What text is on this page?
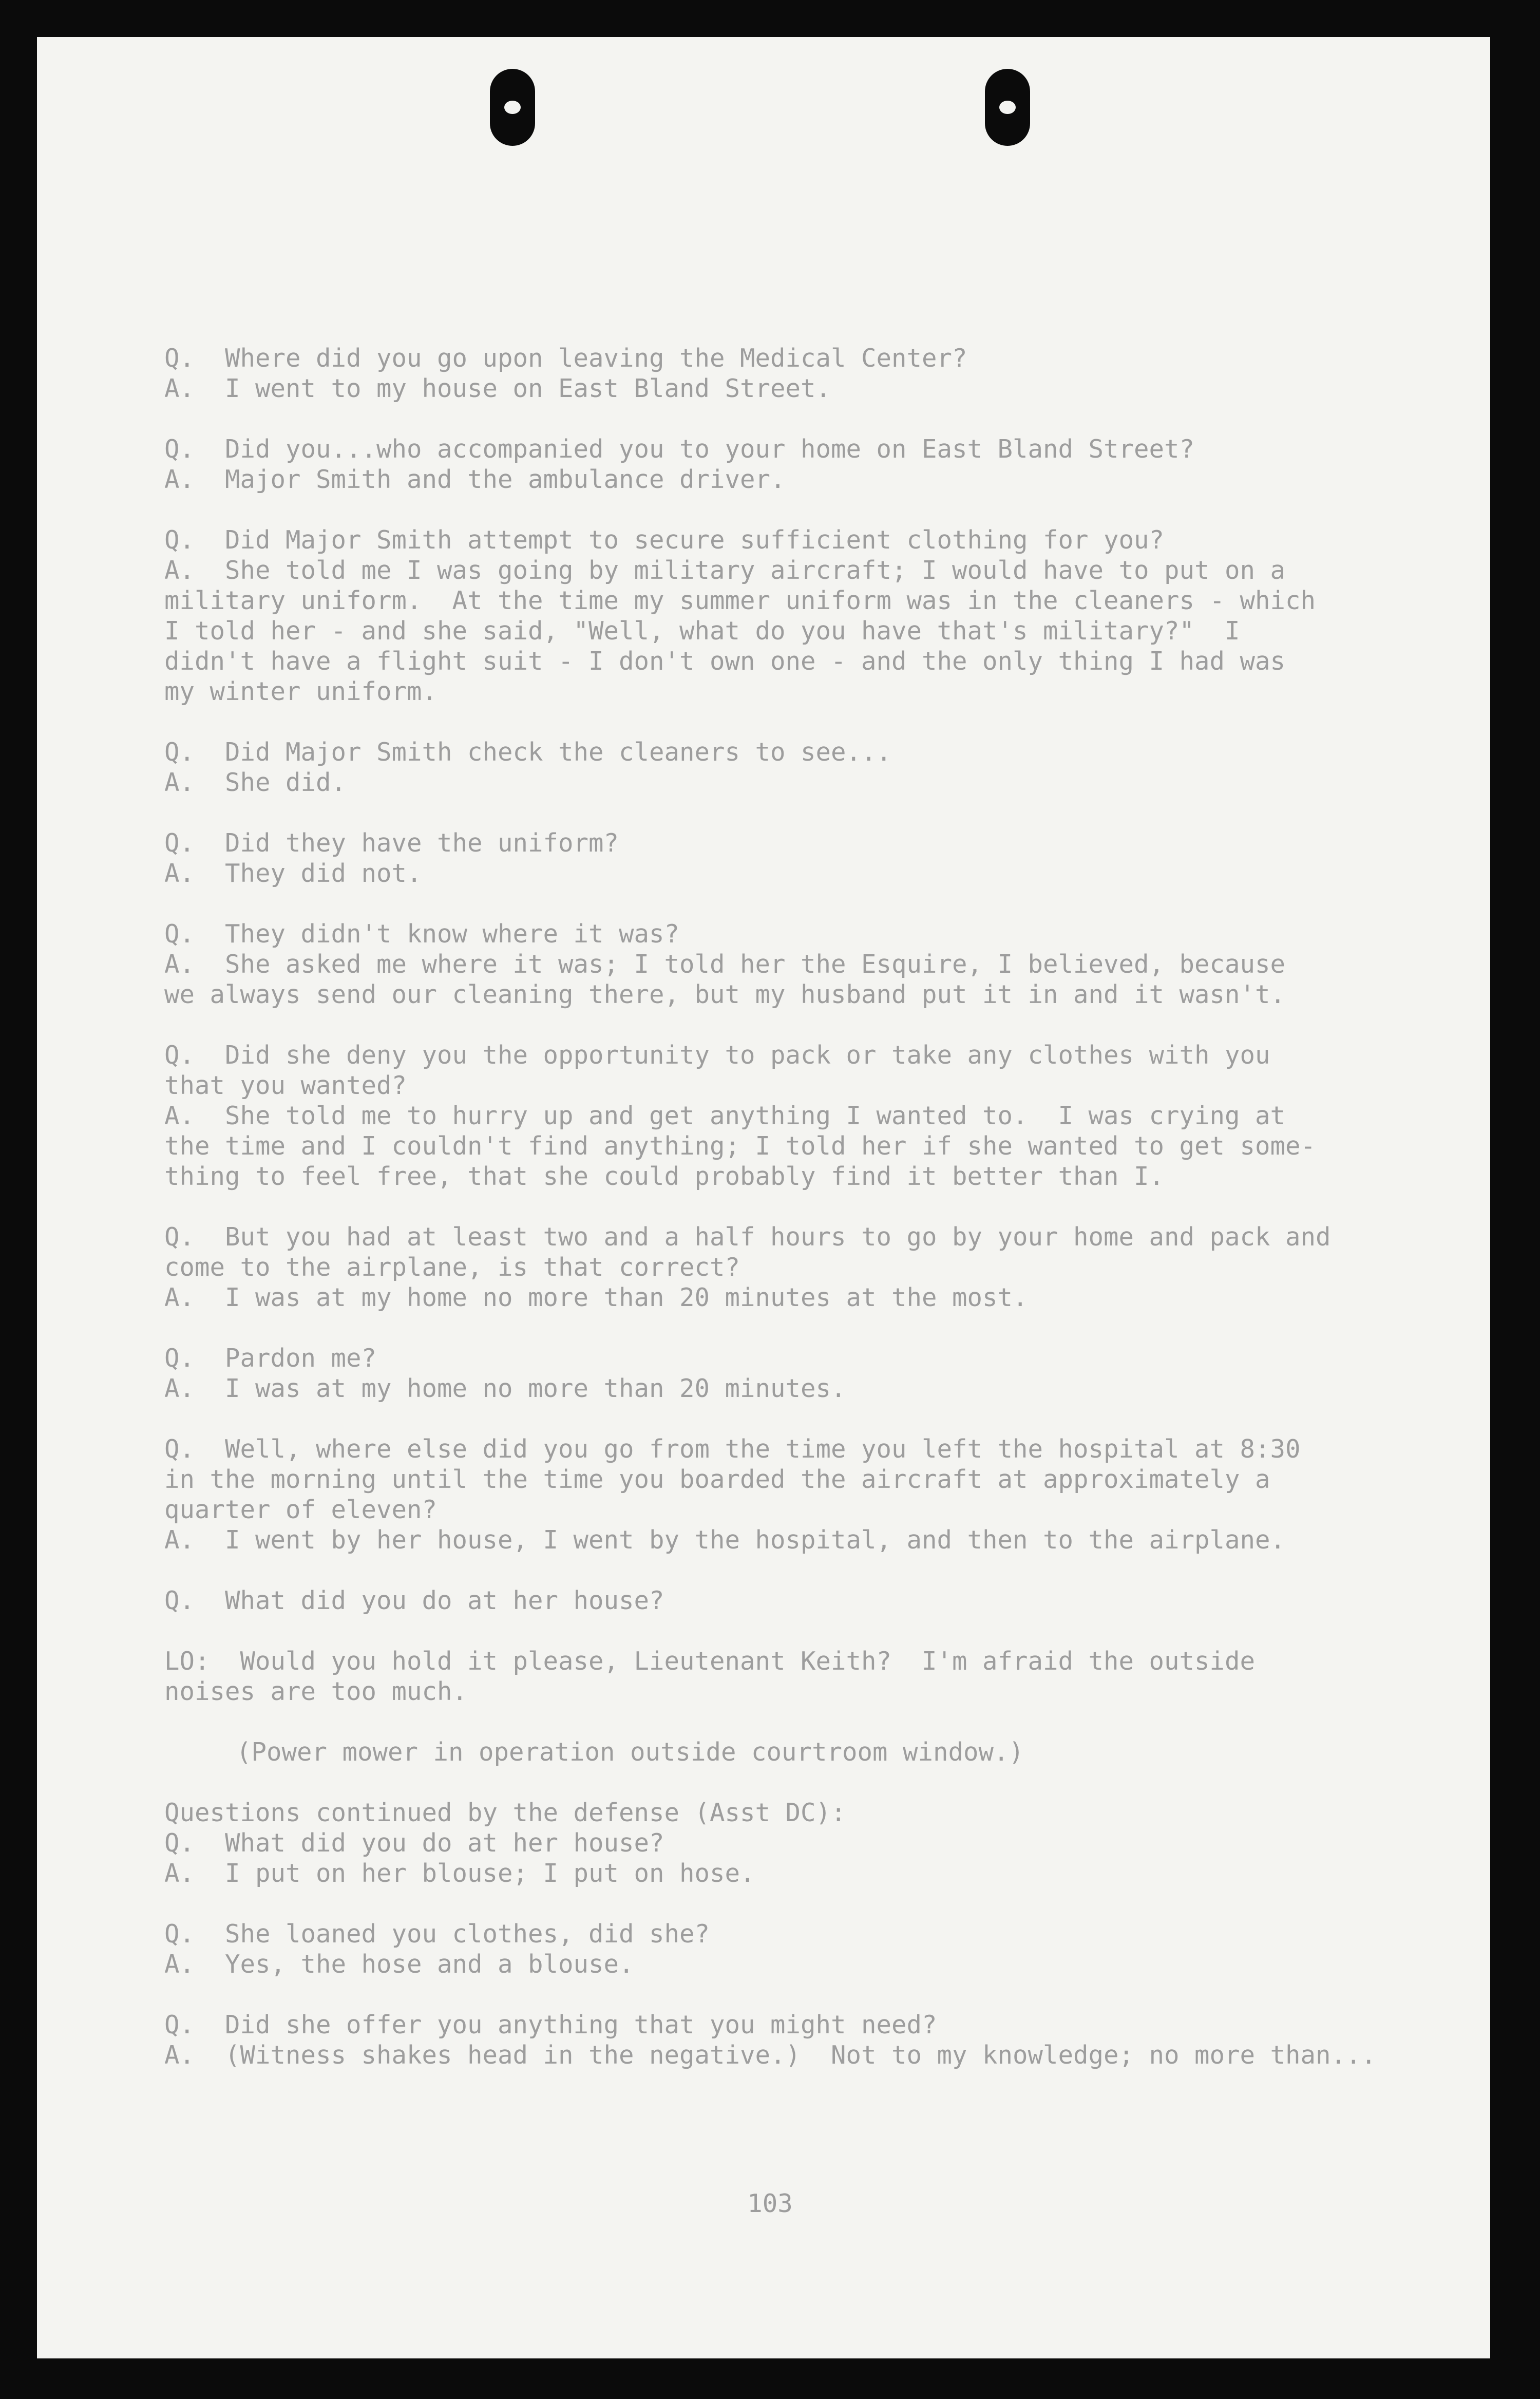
Q.  Where did you go upon leaving the Medical Center?
A.  I went to my house on East Bland Street.
Q.  Did you...who accompanied you to your home on East Bland Street?
A.  Major Smith and the ambulance driver.
Q.  Did Major Smith attempt to secure sufficient clothing for you?
A.  She told me I was going by military aircraft; I would have to put on a
military uniform.  At the time my summer uniform was in the cleaners - which
I told her - and she said, "Well, what do you have that's military?"  I
didn't have a flight suit - I don't own one - and the only thing I had was
my winter uniform.
Q.  Did Major Smith check the cleaners to see...
A.  She did.
Q.  Did they have the uniform?
A.  They did not.
Q.  They didn't know where it was?
A.  She asked me where it was; I told her the Esquire, I believed, because
we always send our cleaning there, but my husband put it in and it wasn't.
Q.  Did she deny you the opportunity to pack or take any clothes with you
that you wanted?
A.  She told me to hurry up and get anything I wanted to.  I was crying at
the time and I couldn't find anything; I told her if she wanted to get some-
thing to feel free, that she could probably find it better than I.
Q.  But you had at least two and a half hours to go by your home and pack and
come to the airplane, is that correct?
A.  I was at my home no more than 20 minutes at the most.
Q.  Pardon me?
A.  I was at my home no more than 20 minutes.
Q.  Well, where else did you go from the time you left the hospital at 8:30
in the morning until the time you boarded the aircraft at approximately a
quarter of eleven?
A.  I went by her house, I went by the hospital, and then to the airplane.
Q.  What did you do at her house?
LO:  Would you hold it please, Lieutenant Keith?  I'm afraid the outside
noises are too much.
(Power mower in operation outside courtroom window.)
Questions continued by the defense (Asst DC):
Q.  What did you do at her house?
A.  I put on her blouse; I put on hose.
Q.  She loaned you clothes, did she?
A.  Yes, the hose and a blouse.
Q.  Did she offer you anything that you might need?
A.  (Witness shakes head in the negative.)  Not to my knowledge; no more than...
103
